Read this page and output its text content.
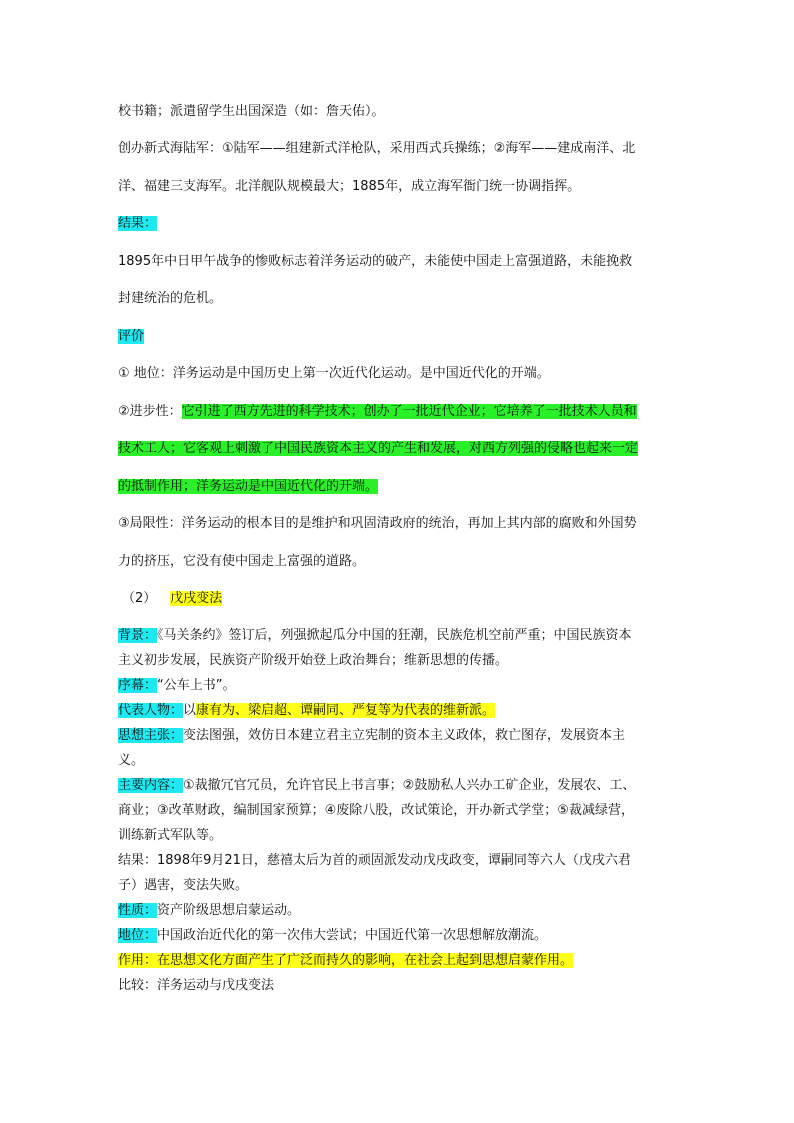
校书籍；派遣留学生出国深造（如：詹天佑）。
创办新式海陆军：①陆军——组建新式洋枪队，采用西式兵操练；②海军——建成南洋、北
洋、福建三支海军。北洋舰队规模最大；1885年，成立海军衙门统一协调指挥。
结果：
1895年中日甲午战争的惨败标志着洋务运动的破产，未能使中国走上富强道路，未能挽救
封建统治的危机。
评价
① 地位：洋务运动是中国历史上第一次近代化运动。是中国近代化的开端。
②进步性：它引进了西方先进的科学技术；创办了一批近代企业；它培养了一批技术人员和
技术工人；它客观上刺激了中国民族资本主义的产生和发展，对西方列强的侵略也起来一定
的抵制作用；洋务运动是中国近代化的开端。
③局限性：洋务运动的根本目的是维护和巩固清政府的统治，再加上其内部的腐败和外国势
力的挤压，它没有使中国走上富强的道路。
（2） 戊戌变法
背景：《马关条约》签订后，列强掀起瓜分中国的狂潮，民族危机空前严重；中国民族资本
主义初步发展，民族资产阶级开始登上政治舞台；维新思想的传播。
序幕：“公车上书”。
代表人物：以康有为、梁启超、谭嗣同、严复等为代表的维新派。
思想主张：变法图强，效仿日本建立君主立宪制的资本主义政体，救亡图存，发展资本主
义。
主要内容：①裁撤冗官冗员，允许官民上书言事；②鼓励私人兴办工矿企业，发展农、工、
商业；③改革财政，编制国家预算；④废除八股，改试策论，开办新式学堂；⑤裁减绿营，
训练新式军队等。
结果：1898年9月21日，慈禧太后为首的顽固派发动戊戌政变，谭嗣同等六人（戊戌六君
子）遇害，变法失败。
性质：资产阶级思想启蒙运动。
地位：中国政治近代化的第一次伟大尝试；中国近代第一次思想解放潮流。
作用：在思想文化方面产生了广泛而持久的影响，在社会上起到思想启蒙作用。
比较：洋务运动与戊戌变法
